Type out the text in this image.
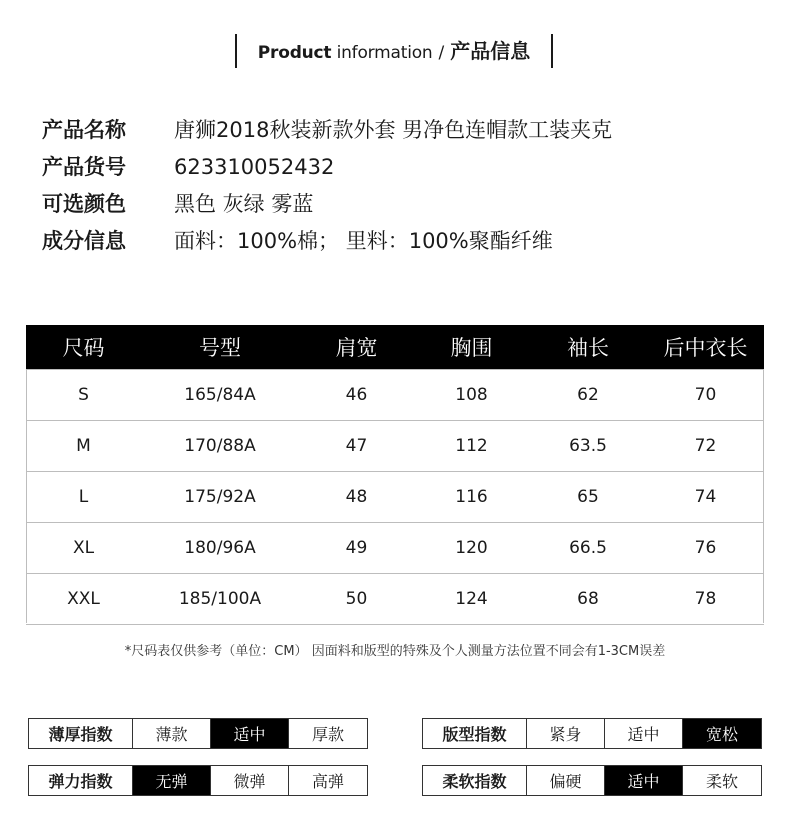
Product information / 产品信息
产品名称 唐狮2018秋装新款外套 男净色连帽款工装夹克
产品货号 623310052432
可选颜色 黑色 灰绿 雾蓝
成分信息 面料：100%棉； 里料：100%聚酯纤维
尺码	号型	肩宽	胸围	袖长	后中衣长
S	165/84A	46	108	62	70
M	170/88A	47	112	63.5	72
L	175/92A	48	116	65	74
XL	180/96A	49	120	66.5	76
XXL	185/100A	50	124	68	78
*尺码表仅供参考（单位：CM） 因面料和版型的特殊及个人测量方法位置不同会有1-3CM误差
薄厚指数	薄款	适中	厚款	版型指数	紧身	适中	宽松
弹力指数	无弹	微弹	高弹	柔软指数	偏硬	适中	柔软
